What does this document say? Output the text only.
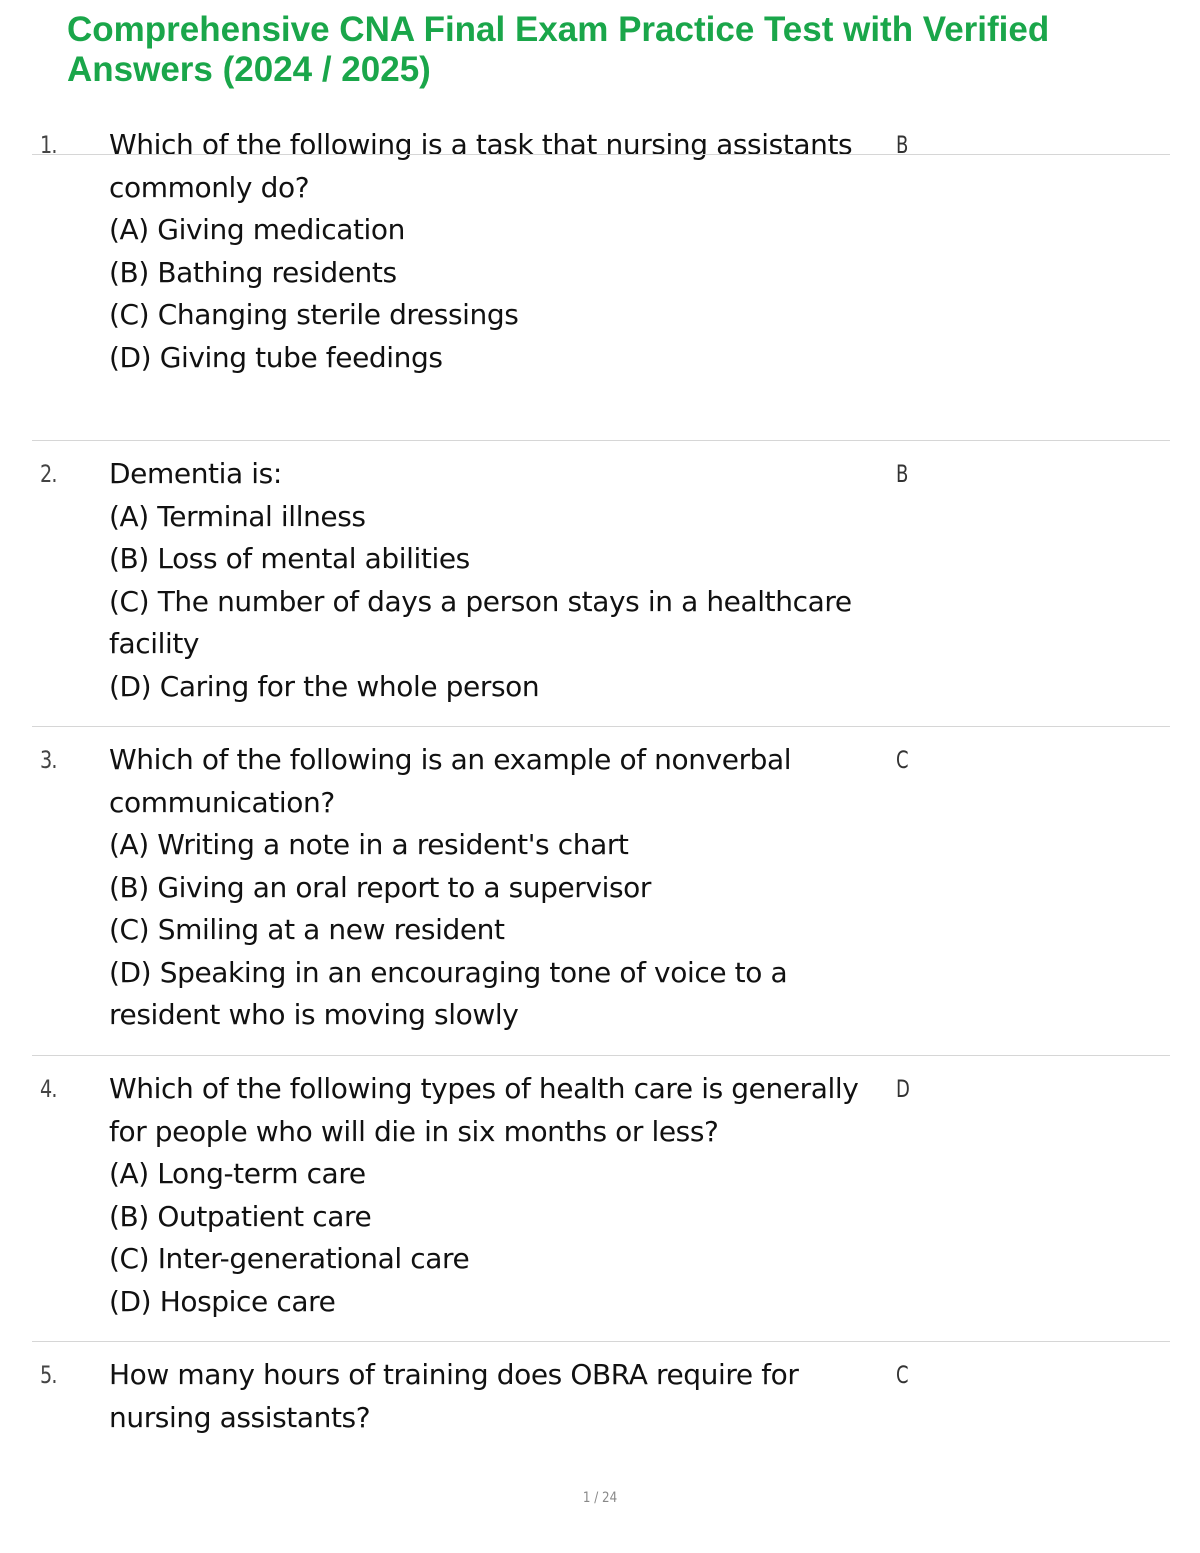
Comprehensive CNA Final Exam Practice Test with Verified
Answers (2024 / 2025)
1. Which of the following is a task that nursing assistants
commonly do?
(A) Giving medication
(B) Bathing residents
(C) Changing sterile dressings
(D) Giving tube feedings
B
2. Dementia is:
(A) Terminal illness
(B) Loss of mental abilities
(C) The number of days a person stays in a healthcare
facility
(D) Caring for the whole person
B
3. Which of the following is an example of nonverbal
communication?
(A) Writing a note in a resident's chart
(B) Giving an oral report to a supervisor
(C) Smiling at a new resident
(D) Speaking in an encouraging tone of voice to a
resident who is moving slowly
C
4. Which of the following types of health care is generally
for people who will die in six months or less?
(A) Long-term care
(B) Outpatient care
(C) Inter-generational care
(D) Hospice care
D
5. How many hours of training does OBRA require for
nursing assistants?
C
1 / 24
